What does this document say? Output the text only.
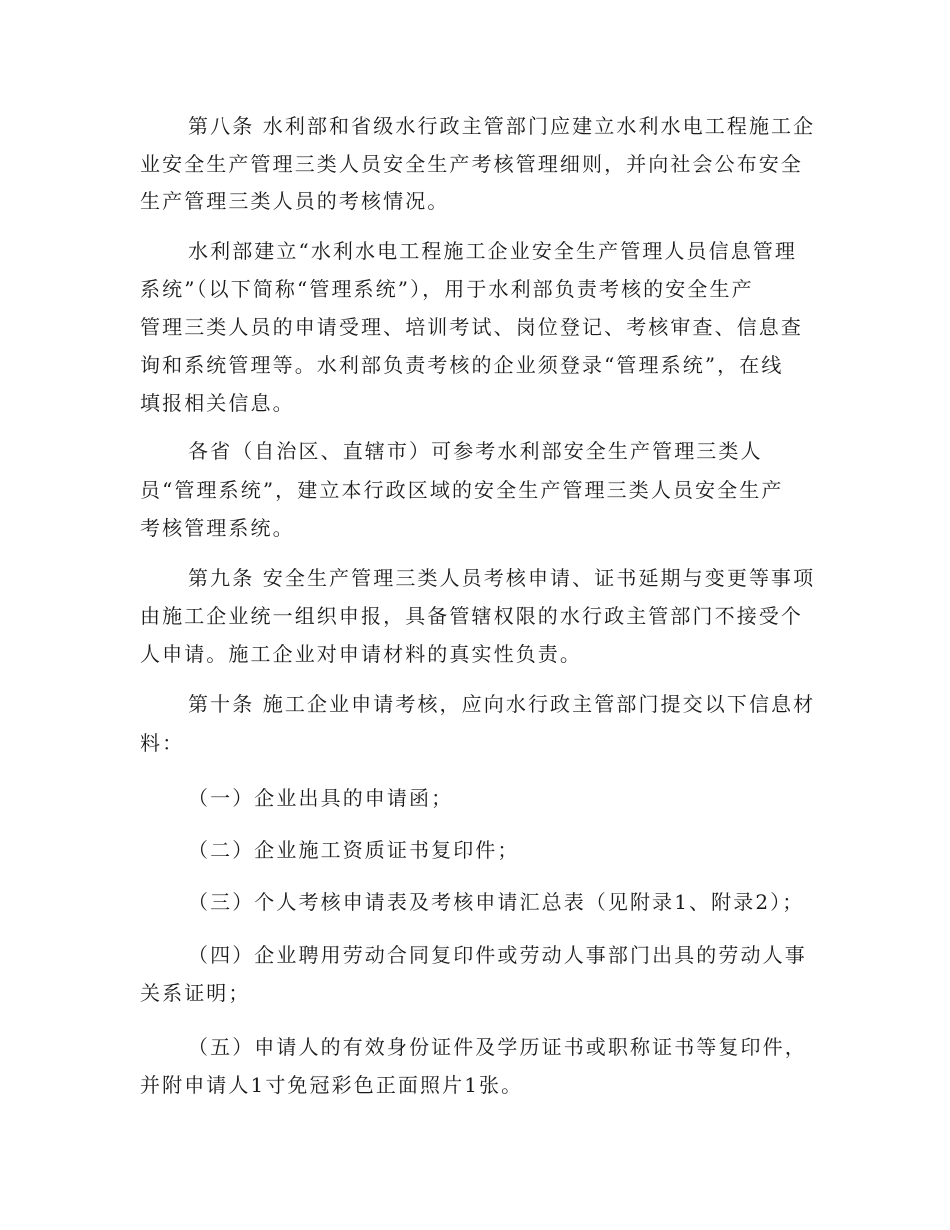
第八条 水利部和省级水行政主管部门应建立水利水电工程施工企
业安全生产管理三类人员安全生产考核管理细则，并向社会公布安全
生产管理三类人员的考核情况。
水利部建立“水利水电工程施工企业安全生产管理人员信息管理
系统”（以下简称“管理系统”），用于水利部负责考核的安全生产
管理三类人员的申请受理、培训考试、岗位登记、考核审查、信息查
询和系统管理等。水利部负责考核的企业须登录“管理系统”，在线
填报相关信息。
各省（自治区、直辖市）可参考水利部安全生产管理三类人
员“管理系统”，建立本行政区域的安全生产管理三类人员安全生产
考核管理系统。
第九条 安全生产管理三类人员考核申请、证书延期与变更等事项
由施工企业统一组织申报，具备管辖权限的水行政主管部门不接受个
人申请。施工企业对申请材料的真实性负责。
第十条 施工企业申请考核，应向水行政主管部门提交以下信息材
料：
（一）企业出具的申请函；
（二）企业施工资质证书复印件；
（三）个人考核申请表及考核申请汇总表（见附录1、附录2）；
（四）企业聘用劳动合同复印件或劳动人事部门出具的劳动人事
关系证明；
（五）申请人的有效身份证件及学历证书或职称证书等复印件，
并附申请人1寸免冠彩色正面照片1张。
